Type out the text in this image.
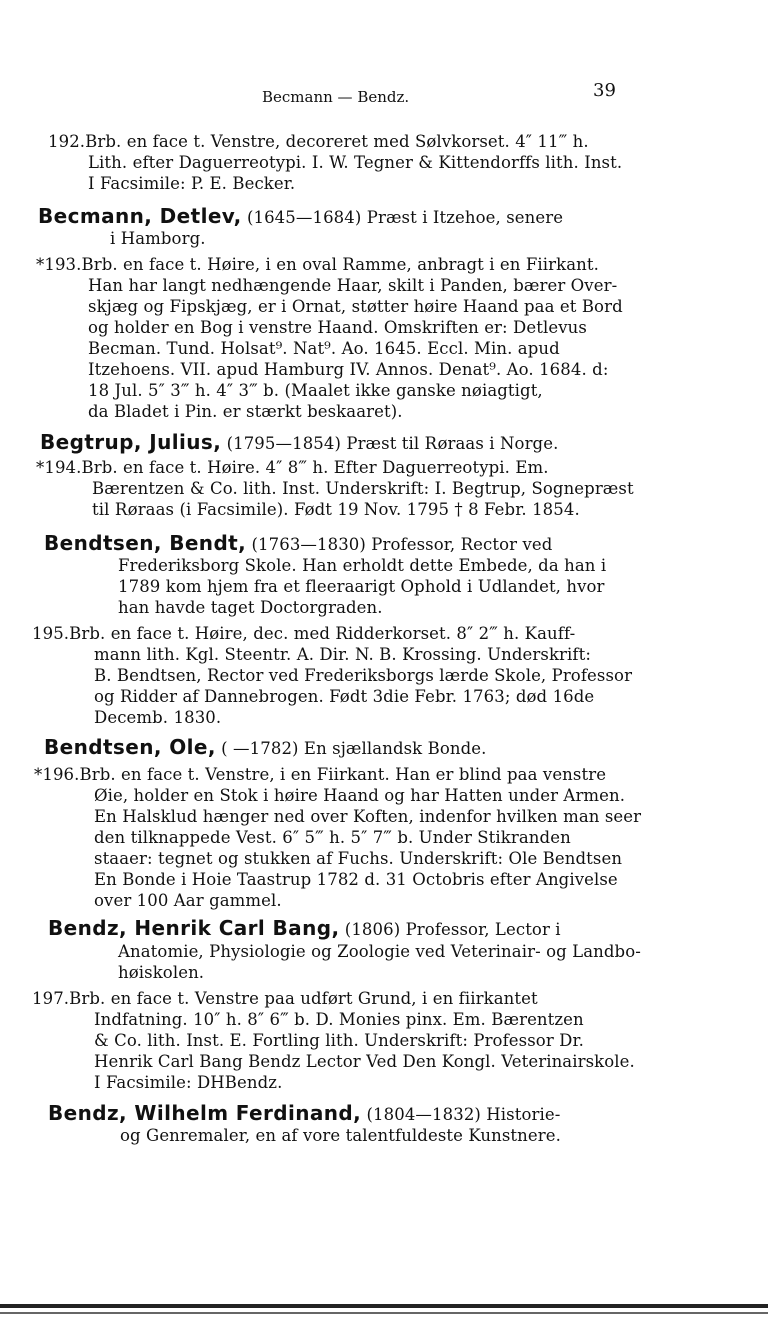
Becmann — Bendz.	39
192.Brb. en face t. Venstre, decoreret med Sølvkorset. 4″ 11‴ h.
Lith. efter Daguerreotypi. I. W. Tegner & Kittendorffs lith. Inst.
I Facsimile: P. E. Becker.
Becmann, Detlev, (1645—1684) Præst i Itzehoe, senere
i Hamborg.
*193.Brb. en face t. Høire, i en oval Ramme, anbragt i en Fiirkant.
Han har langt nedhængende Haar, skilt i Panden, bærer Over-
skjæg og Fipskjæg, er i Ornat, støtter høire Haand paa et Bord
og holder en Bog i venstre Haand. Omskriften er: Detlevus
Becman. Tund. Holsat⁹. Nat⁹. Ao. 1645. Eccl. Min. apud
Itzehoens. VII. apud Hamburg IV. Annos. Denat⁹. Ao. 1684. d:
18 Jul. 5″ 3‴ h. 4″ 3‴ b. (Maalet ikke ganske nøiagtigt,
da Bladet i Pin. er stærkt beskaaret).
Begtrup, Julius, (1795—1854) Præst til Røraas i Norge.
*194.Brb. en face t. Høire. 4″ 8‴ h. Efter Daguerreotypi. Em.
Bærentzen & Co. lith. Inst. Underskrift: I. Begtrup, Sognepræst
til Røraas (i Facsimile). Født 19 Nov. 1795 † 8 Febr. 1854.
Bendtsen, Bendt, (1763—1830) Professor, Rector ved
Frederiksborg Skole. Han erholdt dette Embede, da han i
1789 kom hjem fra et fleeraarigt Ophold i Udlandet, hvor
han havde taget Doctorgraden.
195.Brb. en face t. Høire, dec. med Ridderkorset. 8″ 2‴ h. Kauff-
mann lith. Kgl. Steentr. A. Dir. N. B. Krossing. Underskrift:
B. Bendtsen, Rector ved Frederiksborgs lærde Skole, Professor
og Ridder af Dannebrogen. Født 3die Febr. 1763; død 16de
Decemb. 1830.
Bendtsen, Ole, ( —1782) En sjællandsk Bonde.
*196.Brb. en face t. Venstre, i en Fiirkant. Han er blind paa venstre
Øie, holder en Stok i høire Haand og har Hatten under Armen.
En Halsklud hænger ned over Koften, indenfor hvilken man seer
den tilknappede Vest. 6″ 5‴ h. 5″ 7‴ b. Under Stikranden
staaer: tegnet og stukken af Fuchs. Underskrift: Ole Bendtsen
En Bonde i Hoie Taastrup 1782 d. 31 Octobris efter Angivelse
over 100 Aar gammel.
Bendz, Henrik Carl Bang, (1806) Professor, Lector i
Anatomie, Physiologie og Zoologie ved Veterinair- og Landbo-
høiskolen.
197.Brb. en face t. Venstre paa udført Grund, i en fiirkantet
Indfatning. 10″ h. 8″ 6‴ b. D. Monies pinx. Em. Bærentzen
& Co. lith. Inst. E. Fortling lith. Underskrift: Professor Dr.
Henrik Carl Bang Bendz Lector Ved Den Kongl. Veterinairskole.
I Facsimile: DHBendz.
Bendz, Wilhelm Ferdinand, (1804—1832) Historie-
og Genremaler, en af vore talentfuldeste Kunstnere.
